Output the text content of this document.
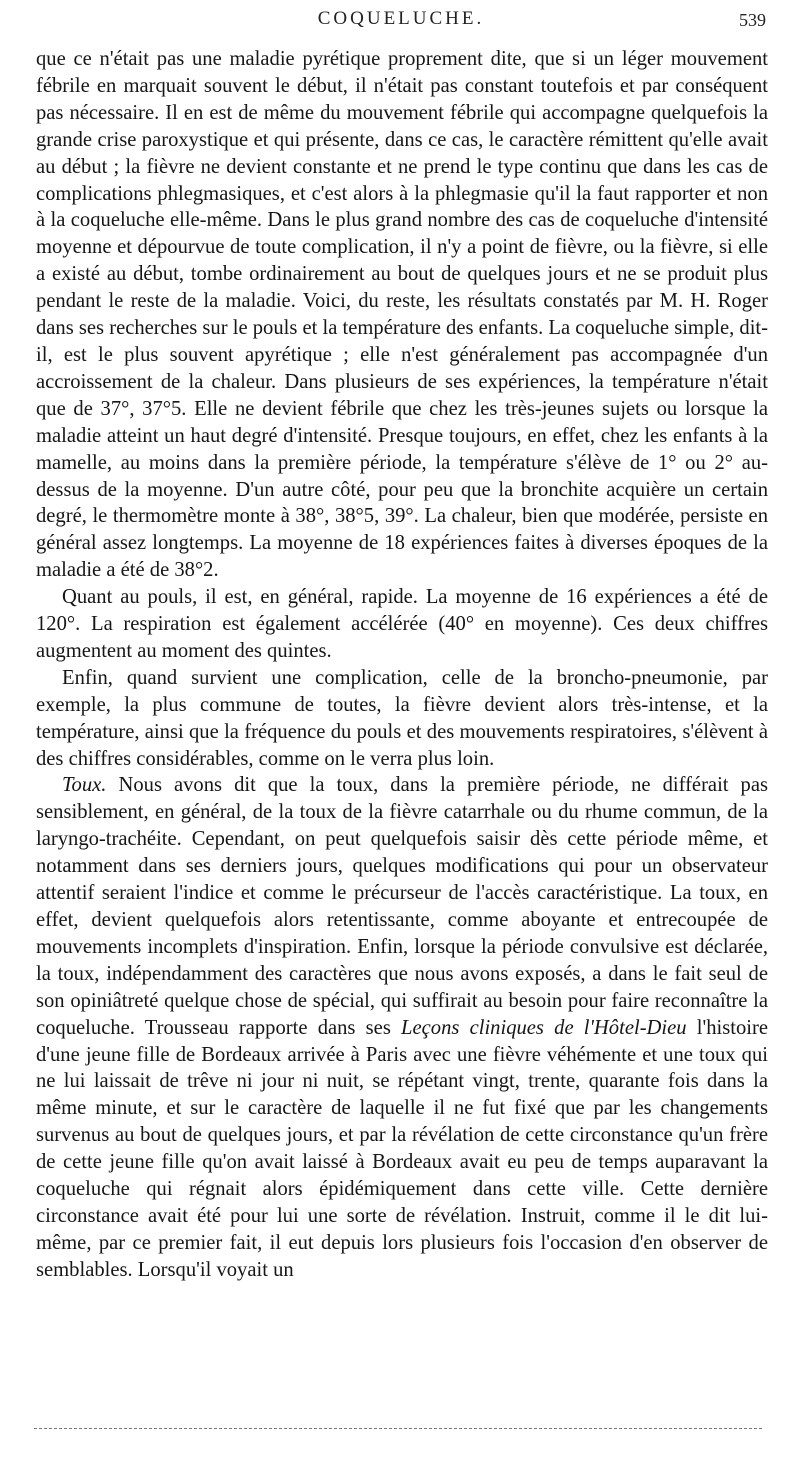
COQUELUCHE.	539

que ce n'était pas une maladie pyrétique proprement dite, que si un léger mouvement fébrile en marquait souvent le début, il n'était pas constant toutefois et par conséquent pas nécessaire. Il en est de même du mouvement fébrile qui accompagne quelquefois la grande crise paroxystique et qui présente, dans ce cas, le caractère rémittent qu'elle avait au début ; la fièvre ne devient constante et ne prend le type continu que dans les cas de complications phlegmasiques, et c'est alors à la phlegmasie qu'il la faut rapporter et non à la coqueluche elle-même. Dans le plus grand nombre des cas de coqueluche d'intensité moyenne et dépourvue de toute complication, il n'y a point de fièvre, ou la fièvre, si elle a existé au début, tombe ordinairement au bout de quelques jours et ne se produit plus pendant le reste de la maladie. Voici, du reste, les résultats constatés par M. H. Roger dans ses recherches sur le pouls et la température des enfants. La coqueluche simple, dit-il, est le plus souvent apyrétique ; elle n'est généralement pas accompagnée d'un accroissement de la chaleur. Dans plusieurs de ses expériences, la température n'était que de 37°, 37°5. Elle ne devient fébrile que chez les très-jeunes sujets ou lorsque la maladie atteint un haut degré d'intensité. Presque toujours, en effet, chez les enfants à la mamelle, au moins dans la première période, la température s'élève de 1° ou 2° au-dessus de la moyenne. D'un autre côté, pour peu que la bronchite acquière un certain degré, le thermomètre monte à 38°, 38°5, 39°. La chaleur, bien que modérée, persiste en général assez longtemps. La moyenne de 18 expériences faites à diverses époques de la maladie a été de 38°2.

Quant au pouls, il est, en général, rapide. La moyenne de 16 expériences a été de 120°. La respiration est également accélérée (40° en moyenne). Ces deux chiffres augmentent au moment des quintes.

Enfin, quand survient une complication, celle de la broncho-pneumonie, par exemple, la plus commune de toutes, la fièvre devient alors très-intense, et la température, ainsi que la fréquence du pouls et des mouvements respiratoires, s'élèvent à des chiffres considérables, comme on le verra plus loin.

Toux. Nous avons dit que la toux, dans la première période, ne différait pas sensiblement, en général, de la toux de la fièvre catarrhale ou du rhume commun, de la laryngo-trachéite. Cependant, on peut quelquefois saisir dès cette période même, et notamment dans ses derniers jours, quelques modifications qui pour un observateur attentif seraient l'indice et comme le précurseur de l'accès caractéristique. La toux, en effet, devient quelquefois alors retentissante, comme aboyante et entrecoupée de mouvements incomplets d'inspiration. Enfin, lorsque la période convulsive est déclarée, la toux, indépendamment des caractères que nous avons exposés, a dans le fait seul de son opiniâtreté quelque chose de spécial, qui suffirait au besoin pour faire reconnaître la coqueluche. Trousseau rapporte dans ses Leçons cliniques de l'Hôtel-Dieu l'histoire d'une jeune fille de Bordeaux arrivée à Paris avec une fièvre véhémente et une toux qui ne lui laissait de trêve ni jour ni nuit, se répétant vingt, trente, quarante fois dans la même minute, et sur le caractère de laquelle il ne fut fixé que par les changements survenus au bout de quelques jours, et par la révélation de cette circonstance qu'un frère de cette jeune fille qu'on avait laissé à Bordeaux avait eu peu de temps auparavant la coqueluche qui régnait alors épidémiquement dans cette ville. Cette dernière circonstance avait été pour lui une sorte de révélation. Instruit, comme il le dit lui-même, par ce premier fait, il eut depuis lors plusieurs fois l'occasion d'en observer de semblables. Lorsqu'il voyait un
